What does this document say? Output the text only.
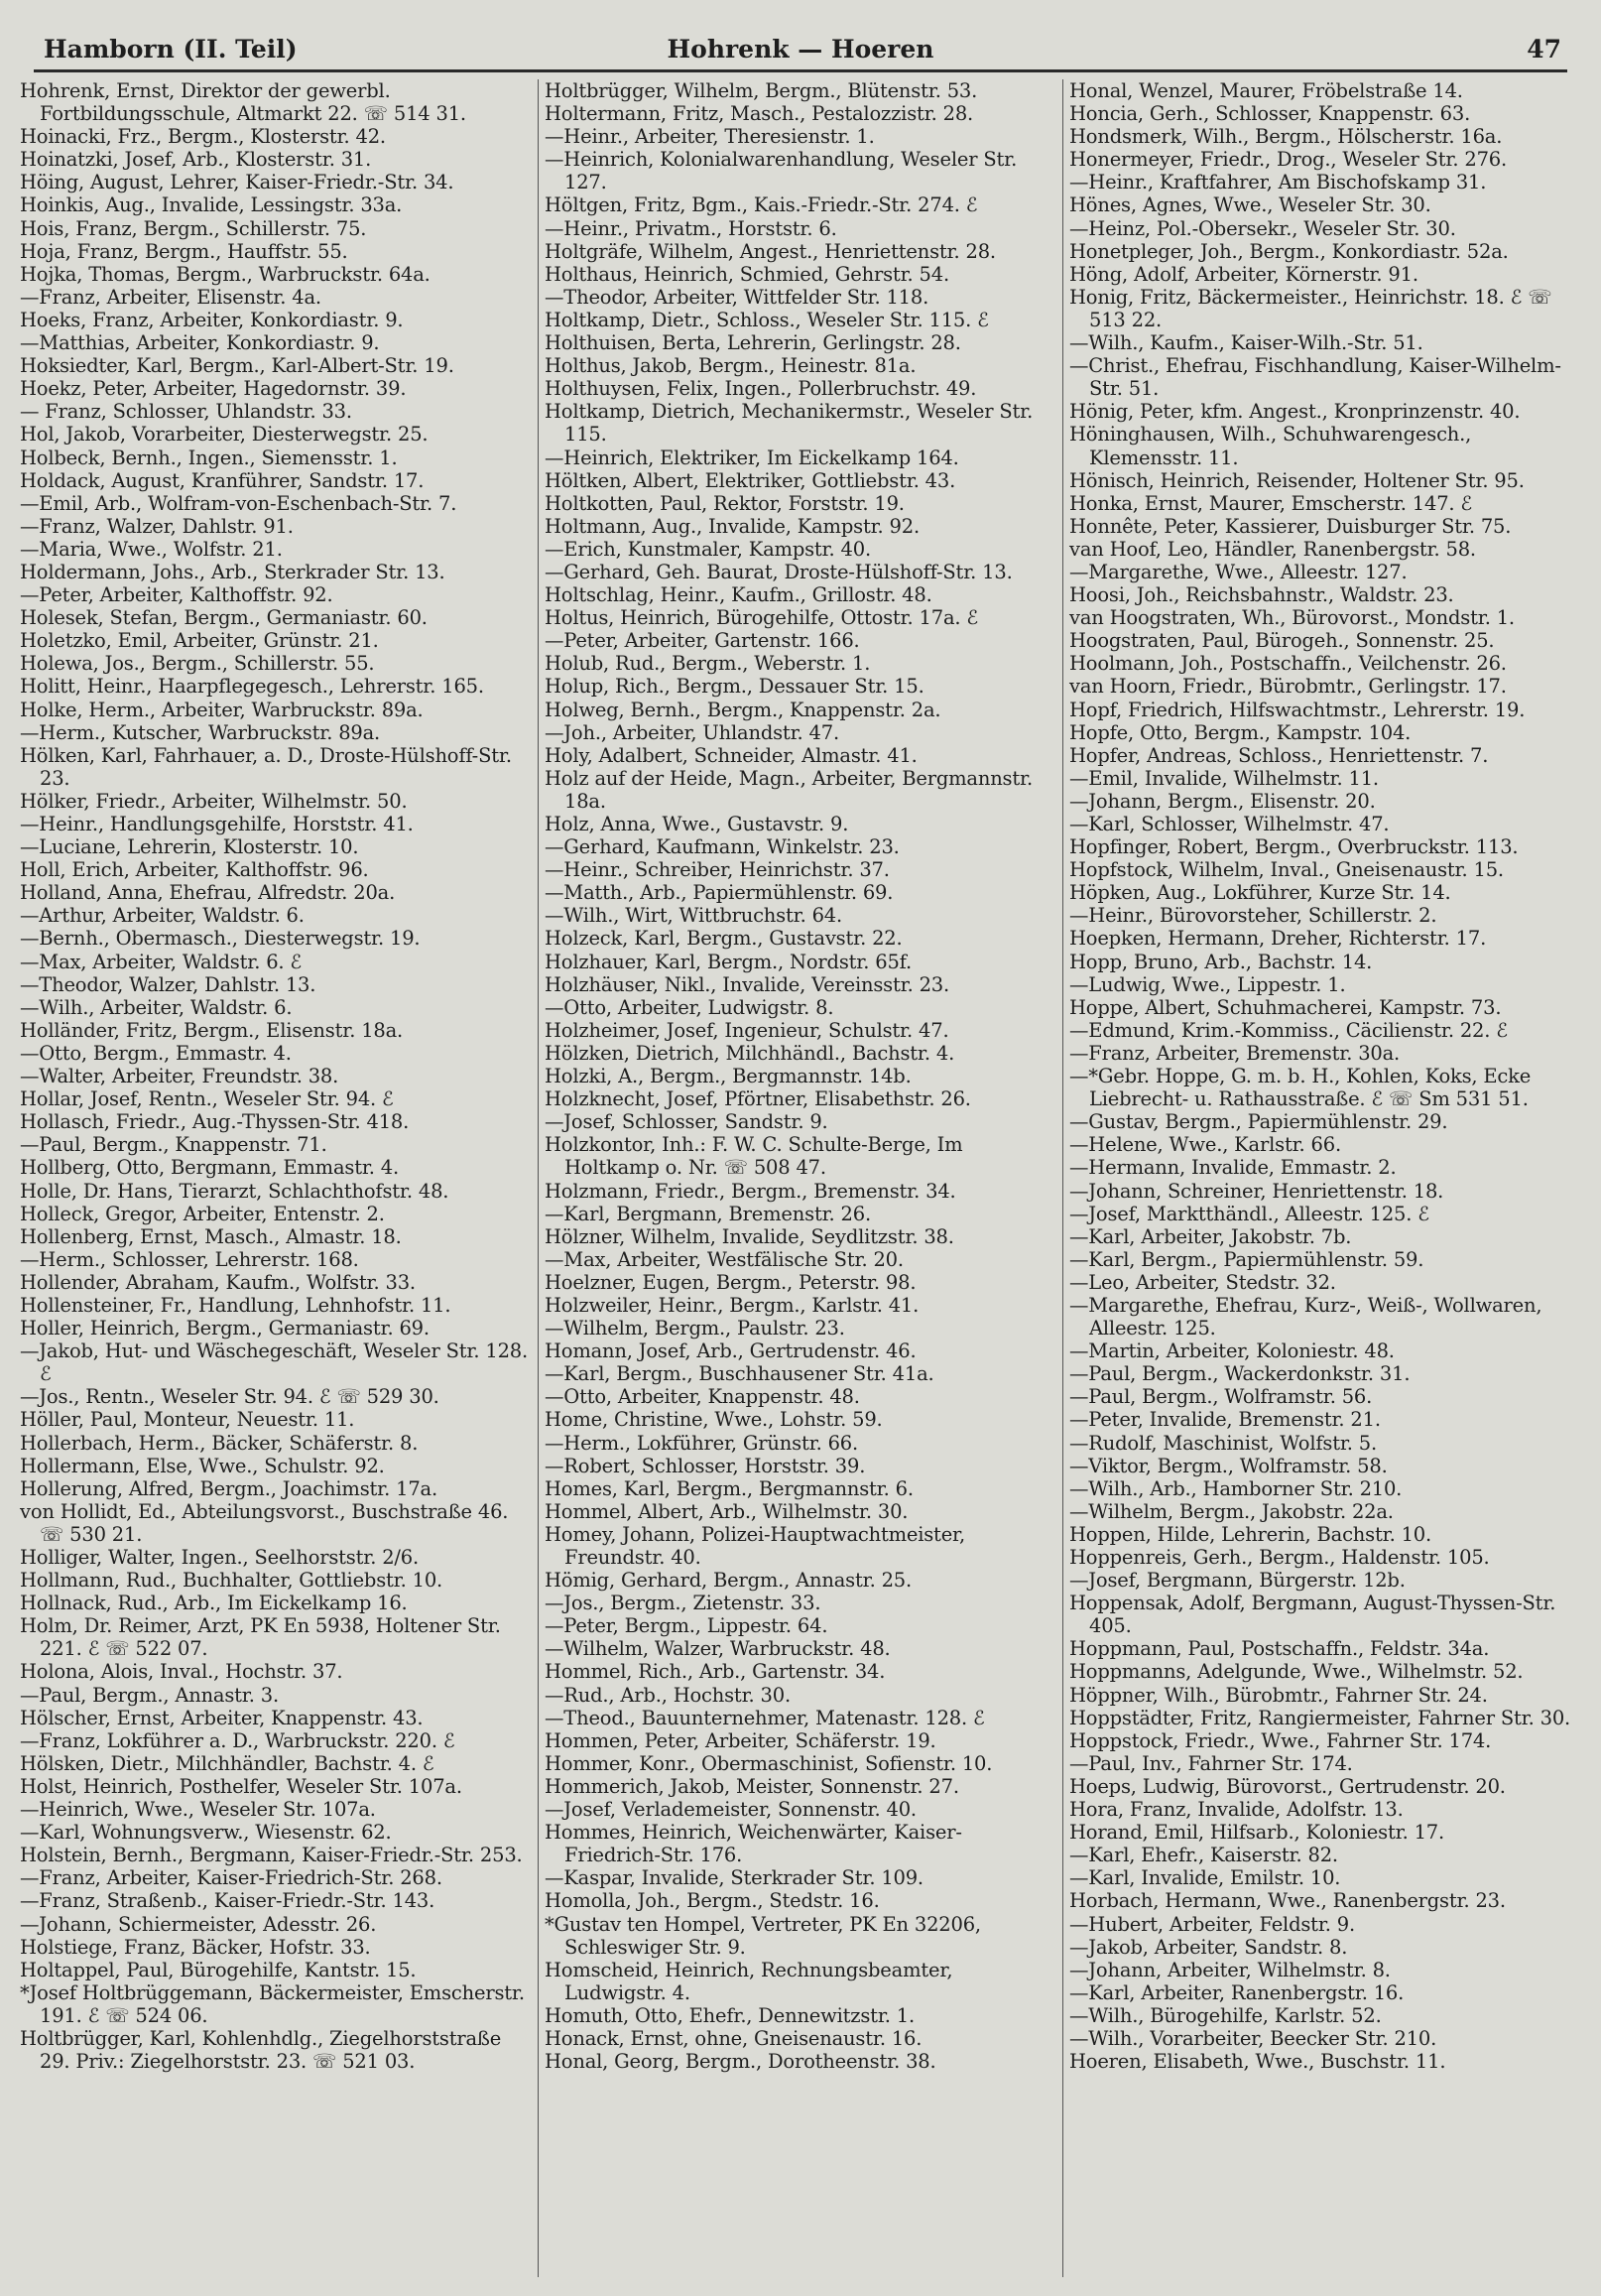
Hamborn (II. Teil)	Hohrenk — Hoeren	47
Hohrenk, Ernst, Direktor der gewerbl. Fortbildungsschule, Altmarkt 22. ☏ 514 31.
Hoinacki, Frz., Bergm., Klosterstr. 42.
Hoinatzki, Josef, Arb., Klosterstr. 31.
Höing, August, Lehrer, Kaiser-Friedr.-Str. 34.
Hoinkis, Aug., Invalide, Lessingstr. 33a.
Hois, Franz, Bergm., Schillerstr. 75.
Hoja, Franz, Bergm., Hauffstr. 55.
Hojka, Thomas, Bergm., Warbruckstr. 64a.
—Franz, Arbeiter, Elisenstr. 4a.
Hoeks, Franz, Arbeiter, Konkordiastr. 9.
—Matthias, Arbeiter, Konkordiastr. 9.
Hoksiedter, Karl, Bergm., Karl-Albert-Str. 19.
Hoekz, Peter, Arbeiter, Hagedornstr. 39.
— Franz, Schlosser, Uhlandstr. 33.
Hol, Jakob, Vorarbeiter, Diesterwegstr. 25.
Holbeck, Bernh., Ingen., Siemensstr. 1.
Holdack, August, Kranführer, Sandstr. 17.
—Emil, Arb., Wolfram-von-Eschenbach-Str. 7.
—Franz, Walzer, Dahlstr. 91.
—Maria, Wwe., Wolfstr. 21.
Holdermann, Johs., Arb., Sterkrader Str. 13.
—Peter, Arbeiter, Kalthoffstr. 92.
Holesek, Stefan, Bergm., Germaniastr. 60.
Holetzko, Emil, Arbeiter, Grünstr. 21.
Holewa, Jos., Bergm., Schillerstr. 55.
Holitt, Heinr., Haarpflegegesch., Lehrerstr. 165.
Holke, Herm., Arbeiter, Warbruckstr. 89a.
—Herm., Kutscher, Warbruckstr. 89a.
Hölken, Karl, Fahrhauer, a. D., Droste-Hülshoff-Str. 23.
Hölker, Friedr., Arbeiter, Wilhelmstr. 50.
—Heinr., Handlungsgehilfe, Horststr. 41.
—Luciane, Lehrerin, Klosterstr. 10.
Holl, Erich, Arbeiter, Kalthoffstr. 96.
Holland, Anna, Ehefrau, Alfredstr. 20a.
—Arthur, Arbeiter, Waldstr. 6.
—Bernh., Obermasch., Diesterwegstr. 19.
—Max, Arbeiter, Waldstr. 6. ℰ
—Theodor, Walzer, Dahlstr. 13.
—Wilh., Arbeiter, Waldstr. 6.
Holländer, Fritz, Bergm., Elisenstr. 18a.
—Otto, Bergm., Emmastr. 4.
—Walter, Arbeiter, Freundstr. 38.
Hollar, Josef, Rentn., Weseler Str. 94. ℰ
Hollasch, Friedr., Aug.-Thyssen-Str. 418.
—Paul, Bergm., Knappenstr. 71.
Hollberg, Otto, Bergmann, Emmastr. 4.
Holle, Dr. Hans, Tierarzt, Schlachthofstr. 48.
Holleck, Gregor, Arbeiter, Entenstr. 2.
Hollenberg, Ernst, Masch., Almastr. 18.
—Herm., Schlosser, Lehrerstr. 168.
Hollender, Abraham, Kaufm., Wolfstr. 33.
Hollensteiner, Fr., Handlung, Lehnhofstr. 11.
Holler, Heinrich, Bergm., Germaniastr. 69.
—Jakob, Hut- und Wäschegeschäft, Weseler Str. 128. ℰ
—Jos., Rentn., Weseler Str. 94. ℰ ☏ 529 30.
Höller, Paul, Monteur, Neuestr. 11.
Hollerbach, Herm., Bäcker, Schäferstr. 8.
Hollermann, Else, Wwe., Schulstr. 92.
Hollerung, Alfred, Bergm., Joachimstr. 17a.
von Hollidt, Ed., Abteilungsvorst., Buschstraße 46. ☏ 530 21.
Holliger, Walter, Ingen., Seelhorststr. 2/6.
Hollmann, Rud., Buchhalter, Gottliebstr. 10.
Hollnack, Rud., Arb., Im Eickelkamp 16.
Holm, Dr. Reimer, Arzt, PK En 5938, Holtener Str. 221. ℰ ☏ 522 07.
Holona, Alois, Inval., Hochstr. 37.
—Paul, Bergm., Annastr. 3.
Hölscher, Ernst, Arbeiter, Knappenstr. 43.
—Franz, Lokführer a. D., Warbruckstr. 220. ℰ
Hölsken, Dietr., Milchhändler, Bachstr. 4. ℰ
Holst, Heinrich, Posthelfer, Weseler Str. 107a.
—Heinrich, Wwe., Weseler Str. 107a.
—Karl, Wohnungsverw., Wiesenstr. 62.
Holstein, Bernh., Bergmann, Kaiser-Friedr.-Str. 253.
—Franz, Arbeiter, Kaiser-Friedrich-Str. 268.
—Franz, Straßenb., Kaiser-Friedr.-Str. 143.
—Johann, Schiermeister, Adesstr. 26.
Holstiege, Franz, Bäcker, Hofstr. 33.
Holtappel, Paul, Bürogehilfe, Kantstr. 15.
*Josef Holtbrüggemann, Bäckermeister, Emscherstr. 191. ℰ ☏ 524 06.
Holtbrügger, Karl, Kohlenhdlg., Ziegelhorststraße 29. Priv.: Ziegelhorststr. 23. ☏ 521 03.
Holtbrügger, Wilhelm, Bergm., Blütenstr. 53.
Holtermann, Fritz, Masch., Pestalozzistr. 28.
—Heinr., Arbeiter, Theresienstr. 1.
—Heinrich, Kolonialwarenhandlung, Weseler Str. 127.
Höltgen, Fritz, Bgm., Kais.-Friedr.-Str. 274. ℰ
—Heinr., Privatm., Horststr. 6.
Holtgräfe, Wilhelm, Angest., Henriettenstr. 28.
Holthaus, Heinrich, Schmied, Gehrstr. 54.
—Theodor, Arbeiter, Wittfelder Str. 118.
Holtkamp, Dietr., Schloss., Weseler Str. 115. ℰ
Holthuisen, Berta, Lehrerin, Gerlingstr. 28.
Holthus, Jakob, Bergm., Heinestr. 81a.
Holthuysen, Felix, Ingen., Pollerbruchstr. 49.
Holtkamp, Dietrich, Mechanikermstr., Weseler Str. 115.
—Heinrich, Elektriker, Im Eickelkamp 164.
Höltken, Albert, Elektriker, Gottliebstr. 43.
Holtkotten, Paul, Rektor, Forststr. 19.
Holtmann, Aug., Invalide, Kampstr. 92.
—Erich, Kunstmaler, Kampstr. 40.
—Gerhard, Geh. Baurat, Droste-Hülshoff-Str. 13.
Holtschlag, Heinr., Kaufm., Grillostr. 48.
Holtus, Heinrich, Bürogehilfe, Ottostr. 17a. ℰ
—Peter, Arbeiter, Gartenstr. 166.
Holub, Rud., Bergm., Weberstr. 1.
Holup, Rich., Bergm., Dessauer Str. 15.
Holweg, Bernh., Bergm., Knappenstr. 2a.
—Joh., Arbeiter, Uhlandstr. 47.
Holy, Adalbert, Schneider, Almastr. 41.
Holz auf der Heide, Magn., Arbeiter, Bergmannstr. 18a.
Holz, Anna, Wwe., Gustavstr. 9.
—Gerhard, Kaufmann, Winkelstr. 23.
—Heinr., Schreiber, Heinrichstr. 37.
—Matth., Arb., Papiermühlenstr. 69.
—Wilh., Wirt, Wittbruchstr. 64.
Holzeck, Karl, Bergm., Gustavstr. 22.
Holzhauer, Karl, Bergm., Nordstr. 65f.
Holzhäuser, Nikl., Invalide, Vereinsstr. 23.
—Otto, Arbeiter, Ludwigstr. 8.
Holzheimer, Josef, Ingenieur, Schulstr. 47.
Hölzken, Dietrich, Milchhändl., Bachstr. 4.
Holzki, A., Bergm., Bergmannstr. 14b.
Holzknecht, Josef, Pförtner, Elisabethstr. 26.
—Josef, Schlosser, Sandstr. 9.
Holzkontor, Inh.: F. W. C. Schulte-Berge, Im Holtkamp o. Nr. ☏ 508 47.
Holzmann, Friedr., Bergm., Bremenstr. 34.
—Karl, Bergmann, Bremenstr. 26.
Hölzner, Wilhelm, Invalide, Seydlitzstr. 38.
—Max, Arbeiter, Westfälische Str. 20.
Hoelzner, Eugen, Bergm., Peterstr. 98.
Holzweiler, Heinr., Bergm., Karlstr. 41.
—Wilhelm, Bergm., Paulstr. 23.
Homann, Josef, Arb., Gertrudenstr. 46.
—Karl, Bergm., Buschhausener Str. 41a.
—Otto, Arbeiter, Knappenstr. 48.
Home, Christine, Wwe., Lohstr. 59.
—Herm., Lokführer, Grünstr. 66.
—Robert, Schlosser, Horststr. 39.
Homes, Karl, Bergm., Bergmannstr. 6.
Hommel, Albert, Arb., Wilhelmstr. 30.
Homey, Johann, Polizei-Hauptwachtmeister, Freundstr. 40.
Hömig, Gerhard, Bergm., Annastr. 25.
—Jos., Bergm., Zietenstr. 33.
—Peter, Bergm., Lippestr. 64.
—Wilhelm, Walzer, Warbruckstr. 48.
Hommel, Rich., Arb., Gartenstr. 34.
—Rud., Arb., Hochstr. 30.
—Theod., Bauunternehmer, Matenastr. 128. ℰ
Hommen, Peter, Arbeiter, Schäferstr. 19.
Hommer, Konr., Obermaschinist, Sofienstr. 10.
Hommerich, Jakob, Meister, Sonnenstr. 27.
—Josef, Verlademeister, Sonnenstr. 40.
Hommes, Heinrich, Weichenwärter, Kaiser-Friedrich-Str. 176.
—Kaspar, Invalide, Sterkrader Str. 109.
Homolla, Joh., Bergm., Stedstr. 16.
*Gustav ten Hompel, Vertreter, PK En 32206, Schleswiger Str. 9.
Homscheid, Heinrich, Rechnungsbeamter, Ludwigstr. 4.
Homuth, Otto, Ehefr., Dennewitzstr. 1.
Honack, Ernst, ohne, Gneisenaustr. 16.
Honal, Georg, Bergm., Dorotheenstr. 38.
Honal, Wenzel, Maurer, Fröbelstraße 14.
Honcia, Gerh., Schlosser, Knappenstr. 63.
Hondsmerk, Wilh., Bergm., Hölscherstr. 16a.
Honermeyer, Friedr., Drog., Weseler Str. 276.
—Heinr., Kraftfahrer, Am Bischofskamp 31.
Hönes, Agnes, Wwe., Weseler Str. 30.
—Heinz, Pol.-Obersekr., Weseler Str. 30.
Honetpleger, Joh., Bergm., Konkordiastr. 52a.
Höng, Adolf, Arbeiter, Körnerstr. 91.
Honig, Fritz, Bäckermeister., Heinrichstr. 18. ℰ ☏ 513 22.
—Wilh., Kaufm., Kaiser-Wilh.-Str. 51.
—Christ., Ehefrau, Fischhandlung, Kaiser-Wilhelm-Str. 51.
Hönig, Peter, kfm. Angest., Kronprinzenstr. 40.
Höninghausen, Wilh., Schuhwarengesch., Klemensstr. 11.
Hönisch, Heinrich, Reisender, Holtener Str. 95.
Honka, Ernst, Maurer, Emscherstr. 147. ℰ
Honnête, Peter, Kassierer, Duisburger Str. 75.
van Hoof, Leo, Händler, Ranenbergstr. 58.
—Margarethe, Wwe., Alleestr. 127.
Hoosi, Joh., Reichsbahnstr., Waldstr. 23.
van Hoogstraten, Wh., Bürovorst., Mondstr. 1.
Hoogstraten, Paul, Bürogeh., Sonnenstr. 25.
Hoolmann, Joh., Postschaffn., Veilchenstr. 26.
van Hoorn, Friedr., Bürobmtr., Gerlingstr. 17.
Hopf, Friedrich, Hilfswachtmstr., Lehrerstr. 19.
Hopfe, Otto, Bergm., Kampstr. 104.
Hopfer, Andreas, Schloss., Henriettenstr. 7.
—Emil, Invalide, Wilhelmstr. 11.
—Johann, Bergm., Elisenstr. 20.
—Karl, Schlosser, Wilhelmstr. 47.
Hopfinger, Robert, Bergm., Overbruckstr. 113.
Hopfstock, Wilhelm, Inval., Gneisenaustr. 15.
Höpken, Aug., Lokführer, Kurze Str. 14.
—Heinr., Bürovorsteher, Schillerstr. 2.
Hoepken, Hermann, Dreher, Richterstr. 17.
Hopp, Bruno, Arb., Bachstr. 14.
—Ludwig, Wwe., Lippestr. 1.
Hoppe, Albert, Schuhmacherei, Kampstr. 73.
—Edmund, Krim.-Kommiss., Cäcilienstr. 22. ℰ
—Franz, Arbeiter, Bremenstr. 30a.
—*Gebr. Hoppe, G. m. b. H., Kohlen, Koks, Ecke Liebrecht- u. Rathausstraße. ℰ ☏ Sm 531 51.
—Gustav, Bergm., Papiermühlenstr. 29.
—Helene, Wwe., Karlstr. 66.
—Hermann, Invalide, Emmastr. 2.
—Johann, Schreiner, Henriettenstr. 18.
—Josef, Marktthändl., Alleestr. 125. ℰ
—Karl, Arbeiter, Jakobstr. 7b.
—Karl, Bergm., Papiermühlenstr. 59.
—Leo, Arbeiter, Stedstr. 32.
—Margarethe, Ehefrau, Kurz-, Weiß-, Wollwaren, Alleestr. 125.
—Martin, Arbeiter, Koloniestr. 48.
—Paul, Bergm., Wackerdonkstr. 31.
—Paul, Bergm., Wolframstr. 56.
—Peter, Invalide, Bremenstr. 21.
—Rudolf, Maschinist, Wolfstr. 5.
—Viktor, Bergm., Wolframstr. 58.
—Wilh., Arb., Hamborner Str. 210.
—Wilhelm, Bergm., Jakobstr. 22a.
Hoppen, Hilde, Lehrerin, Bachstr. 10.
Hoppenreis, Gerh., Bergm., Haldenstr. 105.
—Josef, Bergmann, Bürgerstr. 12b.
Hoppensak, Adolf, Bergmann, August-Thyssen-Str. 405.
Hoppmann, Paul, Postschaffn., Feldstr. 34a.
Hoppmanns, Adelgunde, Wwe., Wilhelmstr. 52.
Höppner, Wilh., Bürobmtr., Fahrner Str. 24.
Hoppstädter, Fritz, Rangiermeister, Fahrner Str. 30.
Hoppstock, Friedr., Wwe., Fahrner Str. 174.
—Paul, Inv., Fahrner Str. 174.
Hoeps, Ludwig, Bürovorst., Gertrudenstr. 20.
Hora, Franz, Invalide, Adolfstr. 13.
Horand, Emil, Hilfsarb., Koloniestr. 17.
—Karl, Ehefr., Kaiserstr. 82.
—Karl, Invalide, Emilstr. 10.
Horbach, Hermann, Wwe., Ranenbergstr. 23.
—Hubert, Arbeiter, Feldstr. 9.
—Jakob, Arbeiter, Sandstr. 8.
—Johann, Arbeiter, Wilhelmstr. 8.
—Karl, Arbeiter, Ranenbergstr. 16.
—Wilh., Bürogehilfe, Karlstr. 52.
—Wilh., Vorarbeiter, Beecker Str. 210.
Hoeren, Elisabeth, Wwe., Buschstr. 11.
